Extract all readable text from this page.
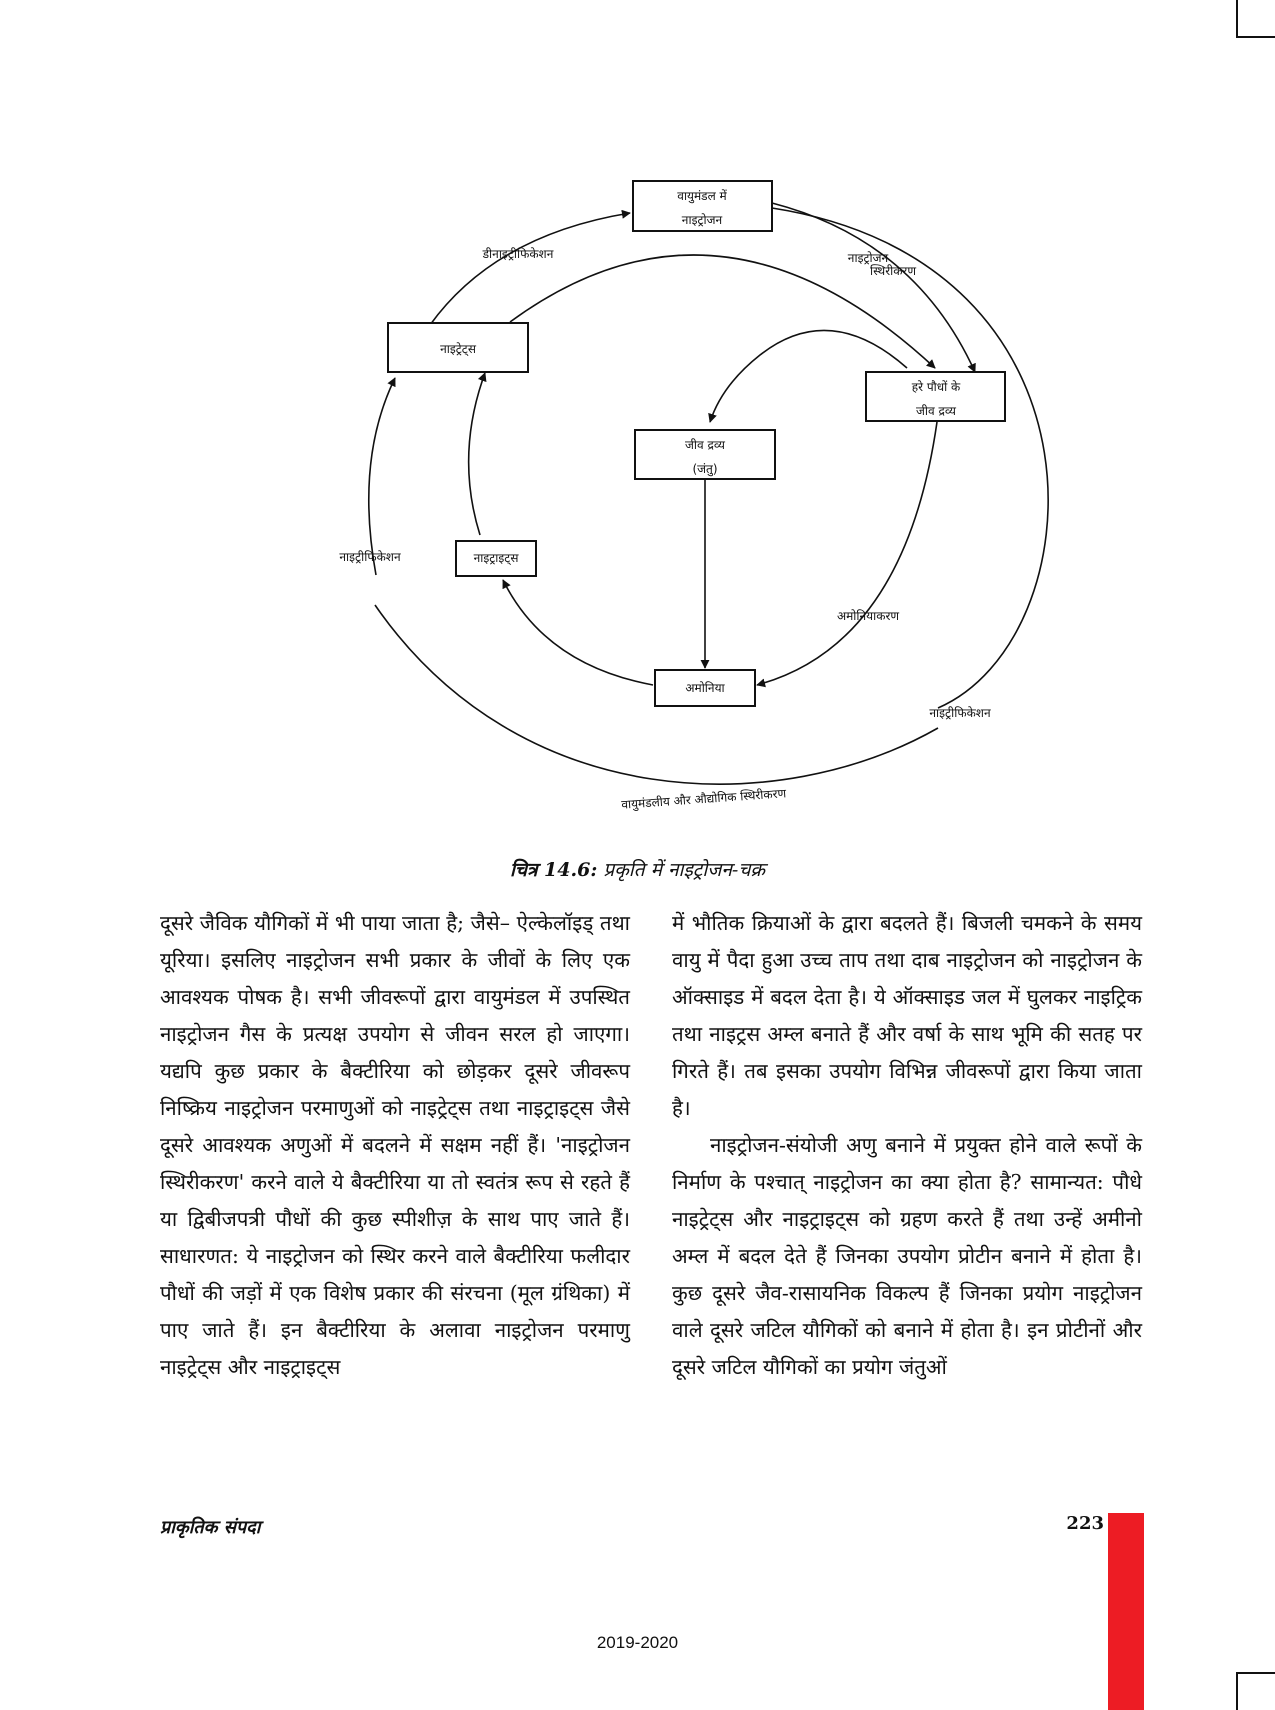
वायुमंडल में
नाइट्रोजन
नाइट्रेट्स
हरे पौधों के
जीव द्रव्य
जीव द्रव्य
(जंतु)
नाइट्राइट्स
अमोनिया
डीनाइट्रीफिकेशन	नाइट्रोजन
स्थिरीकरण
नाइट्रीफिकेशन
अमोनियाकरण
नाइट्रीफिकेशन
वायुमंडलीय और औद्योगिक स्थिरीकरण
चित्र 14.6: प्रकृति में नाइट्रोजन-चक्र

दूसरे जैविक यौगिकों में भी पाया जाता है; जैसे– ऐल्केलॉइड् तथा यूरिया। इसलिए नाइट्रोजन सभी प्रकार के जीवों के लिए एक आवश्यक पोषक है। सभी जीवरूपों द्वारा वायुमंडल में उपस्थित नाइट्रोजन गैस के प्रत्यक्ष उपयोग से जीवन सरल हो जाएगा। यद्यपि कुछ प्रकार के बैक्टीरिया को छोड़कर दूसरे जीवरूप निष्क्रिय नाइट्रोजन परमाणुओं को नाइट्रेट्स तथा नाइट्राइट्स जैसे दूसरे आवश्यक अणुओं में बदलने में सक्षम नहीं हैं। 'नाइट्रोजन स्थिरीकरण' करने वाले ये बैक्टीरिया या तो स्वतंत्र रूप से रहते हैं या द्विबीजपत्री पौधों की कुछ स्पीशीज़ के साथ पाए जाते हैं। साधारणत: ये नाइट्रोजन को स्थिर करने वाले बैक्टीरिया फलीदार पौधों की जड़ों में एक विशेष प्रकार की संरचना (मूल ग्रंथिका) में पाए जाते हैं। इन बैक्टीरिया के अलावा नाइट्रोजन परमाणु नाइट्रेट्स और नाइट्राइट्स

में भौतिक क्रियाओं के द्वारा बदलते हैं। बिजली चमकने के समय वायु में पैदा हुआ उच्च ताप तथा दाब नाइट्रोजन को नाइट्रोजन के ऑक्साइड में बदल देता है। ये ऑक्साइड जल में घुलकर नाइट्रिक तथा नाइट्रस अम्ल बनाते हैं और वर्षा के साथ भूमि की सतह पर गिरते हैं। तब इसका उपयोग विभिन्न जीवरूपों द्वारा किया जाता है।

नाइट्रोजन-संयोजी अणु बनाने में प्रयुक्त होने वाले रूपों के निर्माण के पश्चात् नाइट्रोजन का क्या होता है? सामान्यत: पौधे नाइट्रेट्स और नाइट्राइट्स को ग्रहण करते हैं तथा उन्हें अमीनो अम्ल में बदल देते हैं जिनका उपयोग प्रोटीन बनाने में होता है। कुछ दूसरे जैव-रासायनिक विकल्प हैं जिनका प्रयोग नाइट्रोजन वाले दूसरे जटिल यौगिकों को बनाने में होता है। इन प्रोटीनों और दूसरे जटिल यौगिकों का प्रयोग जंतुओं

प्राकृतिक संपदा	223
2019-2020
